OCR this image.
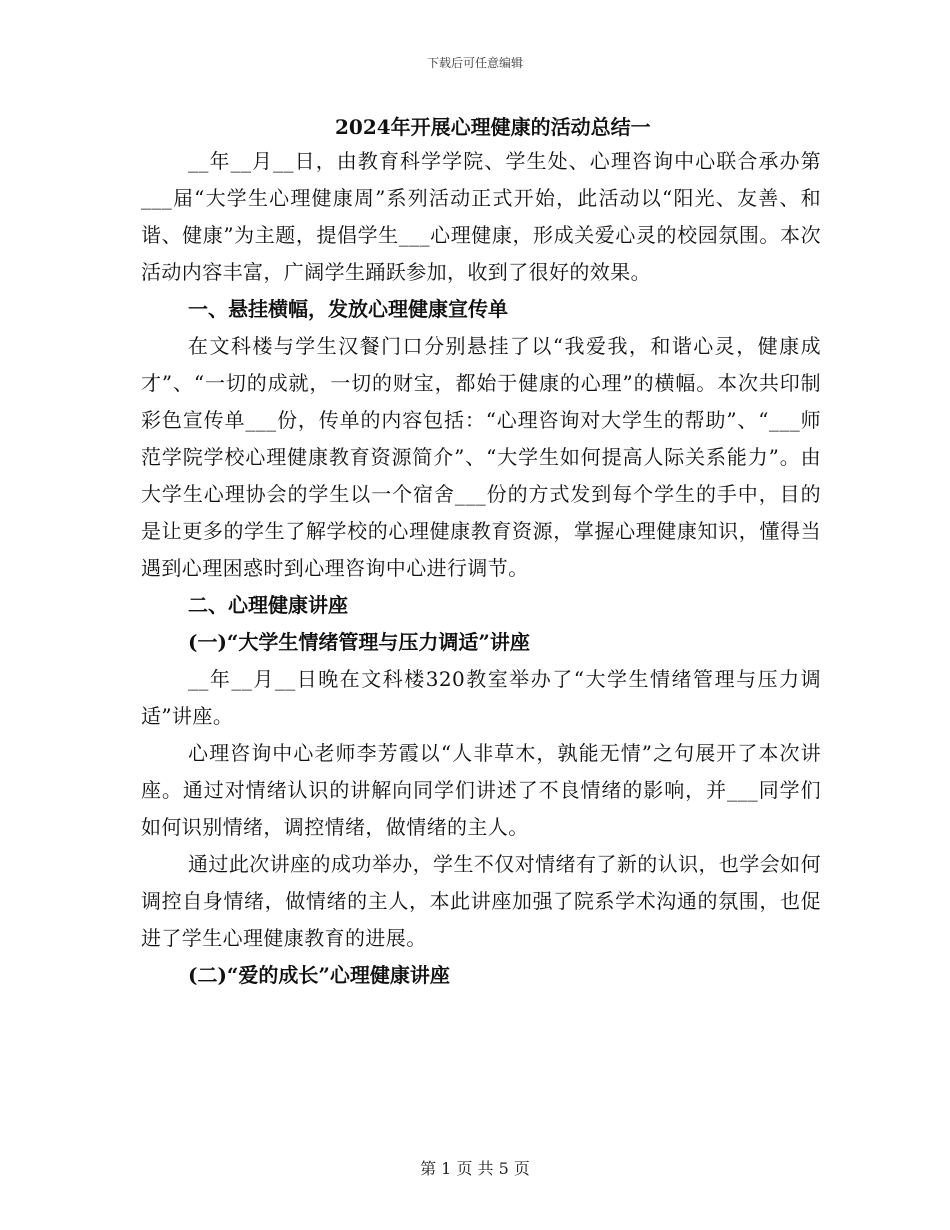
下载后可任意编辑
2024年开展心理健康的活动总结一

__年__月__日，由教育科学学院、学生处、心理咨询中心联合承办第___届“大学生心理健康周”系列活动正式开始，此活动以“阳光、友善、和谐、健康”为主题，提倡学生___心理健康，形成关爱心灵的校园氛围。本次活动内容丰富，广阔学生踊跃参加，收到了很好的效果。

一、悬挂横幅，发放心理健康宣传单

在文科楼与学生汉餐门口分别悬挂了以“我爱我，和谐心灵，健康成才”、“一切的成就，一切的财宝，都始于健康的心理”的横幅。本次共印制彩色宣传单___份，传单的内容包括：“心理咨询对大学生的帮助”、“___师范学院学校心理健康教育资源简介”、“大学生如何提高人际关系能力”。由大学生心理协会的学生以一个宿舍___份的方式发到每个学生的手中，目的是让更多的学生了解学校的心理健康教育资源，掌握心理健康知识，懂得当遇到心理困惑时到心理咨询中心进行调节。

二、心理健康讲座
(一)“大学生情绪管理与压力调适”讲座

__年__月__日晚在文科楼320教室举办了“大学生情绪管理与压力调适”讲座。

心理咨询中心老师李芳霞以“人非草木，孰能无情”之句展开了本次讲座。通过对情绪认识的讲解向同学们讲述了不良情绪的影响，并___同学们如何识别情绪，调控情绪，做情绪的主人。

通过此次讲座的成功举办，学生不仅对情绪有了新的认识，也学会如何调控自身情绪，做情绪的主人，本此讲座加强了院系学术沟通的氛围，也促进了学生心理健康教育的进展。

(二)“爱的成长”心理健康讲座
第 1 页 共 5 页
